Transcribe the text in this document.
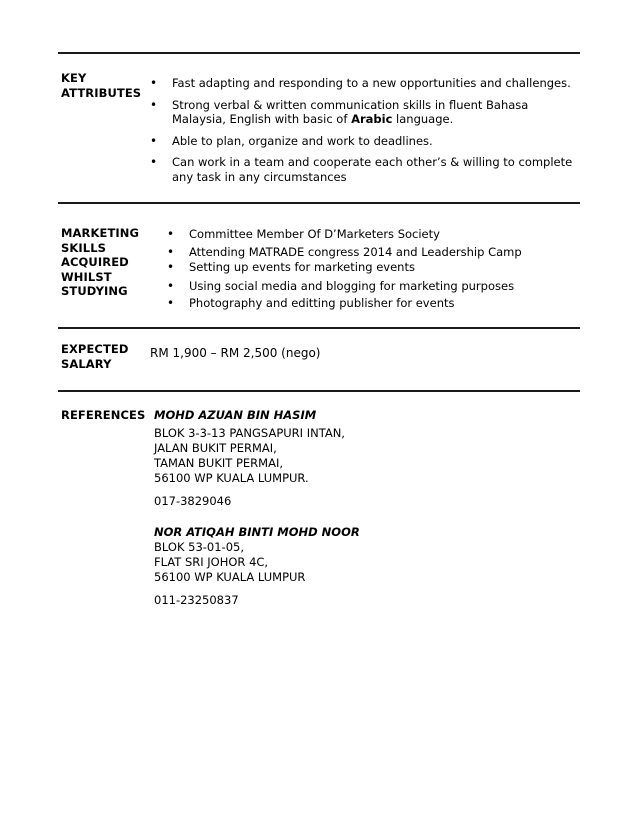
KEY
ATTRIBUTES
• Fast adapting and responding to a new opportunities and challenges.
• Strong verbal & written communication skills in fluent Bahasa Malaysia, English with basic of Arabic language.
• Able to plan, organize and work to deadlines.
• Can work in a team and cooperate each other’s & willing to complete any task in any circumstances
MARKETING
SKILLS
ACQUIRED
WHILST
STUDYING
• Committee Member Of D’Marketers Society
• Attending MATRADE congress 2014 and Leadership Camp
• Setting up events for marketing events
• Using social media and blogging for marketing purposes
• Photography and editting publisher for events
EXPECTED
SALARY
RM 1,900 – RM 2,500 (nego)
REFERENCES MOHD AZUAN BIN HASIM
BLOK 3-3-13 PANGSAPURI INTAN,
JALAN BUKIT PERMAI,
TAMAN BUKIT PERMAI,
56100 WP KUALA LUMPUR.
017-3829046
NOR ATIQAH BINTI MOHD NOOR
BLOK 53-01-05,
FLAT SRI JOHOR 4C,
56100 WP KUALA LUMPUR
011-23250837
